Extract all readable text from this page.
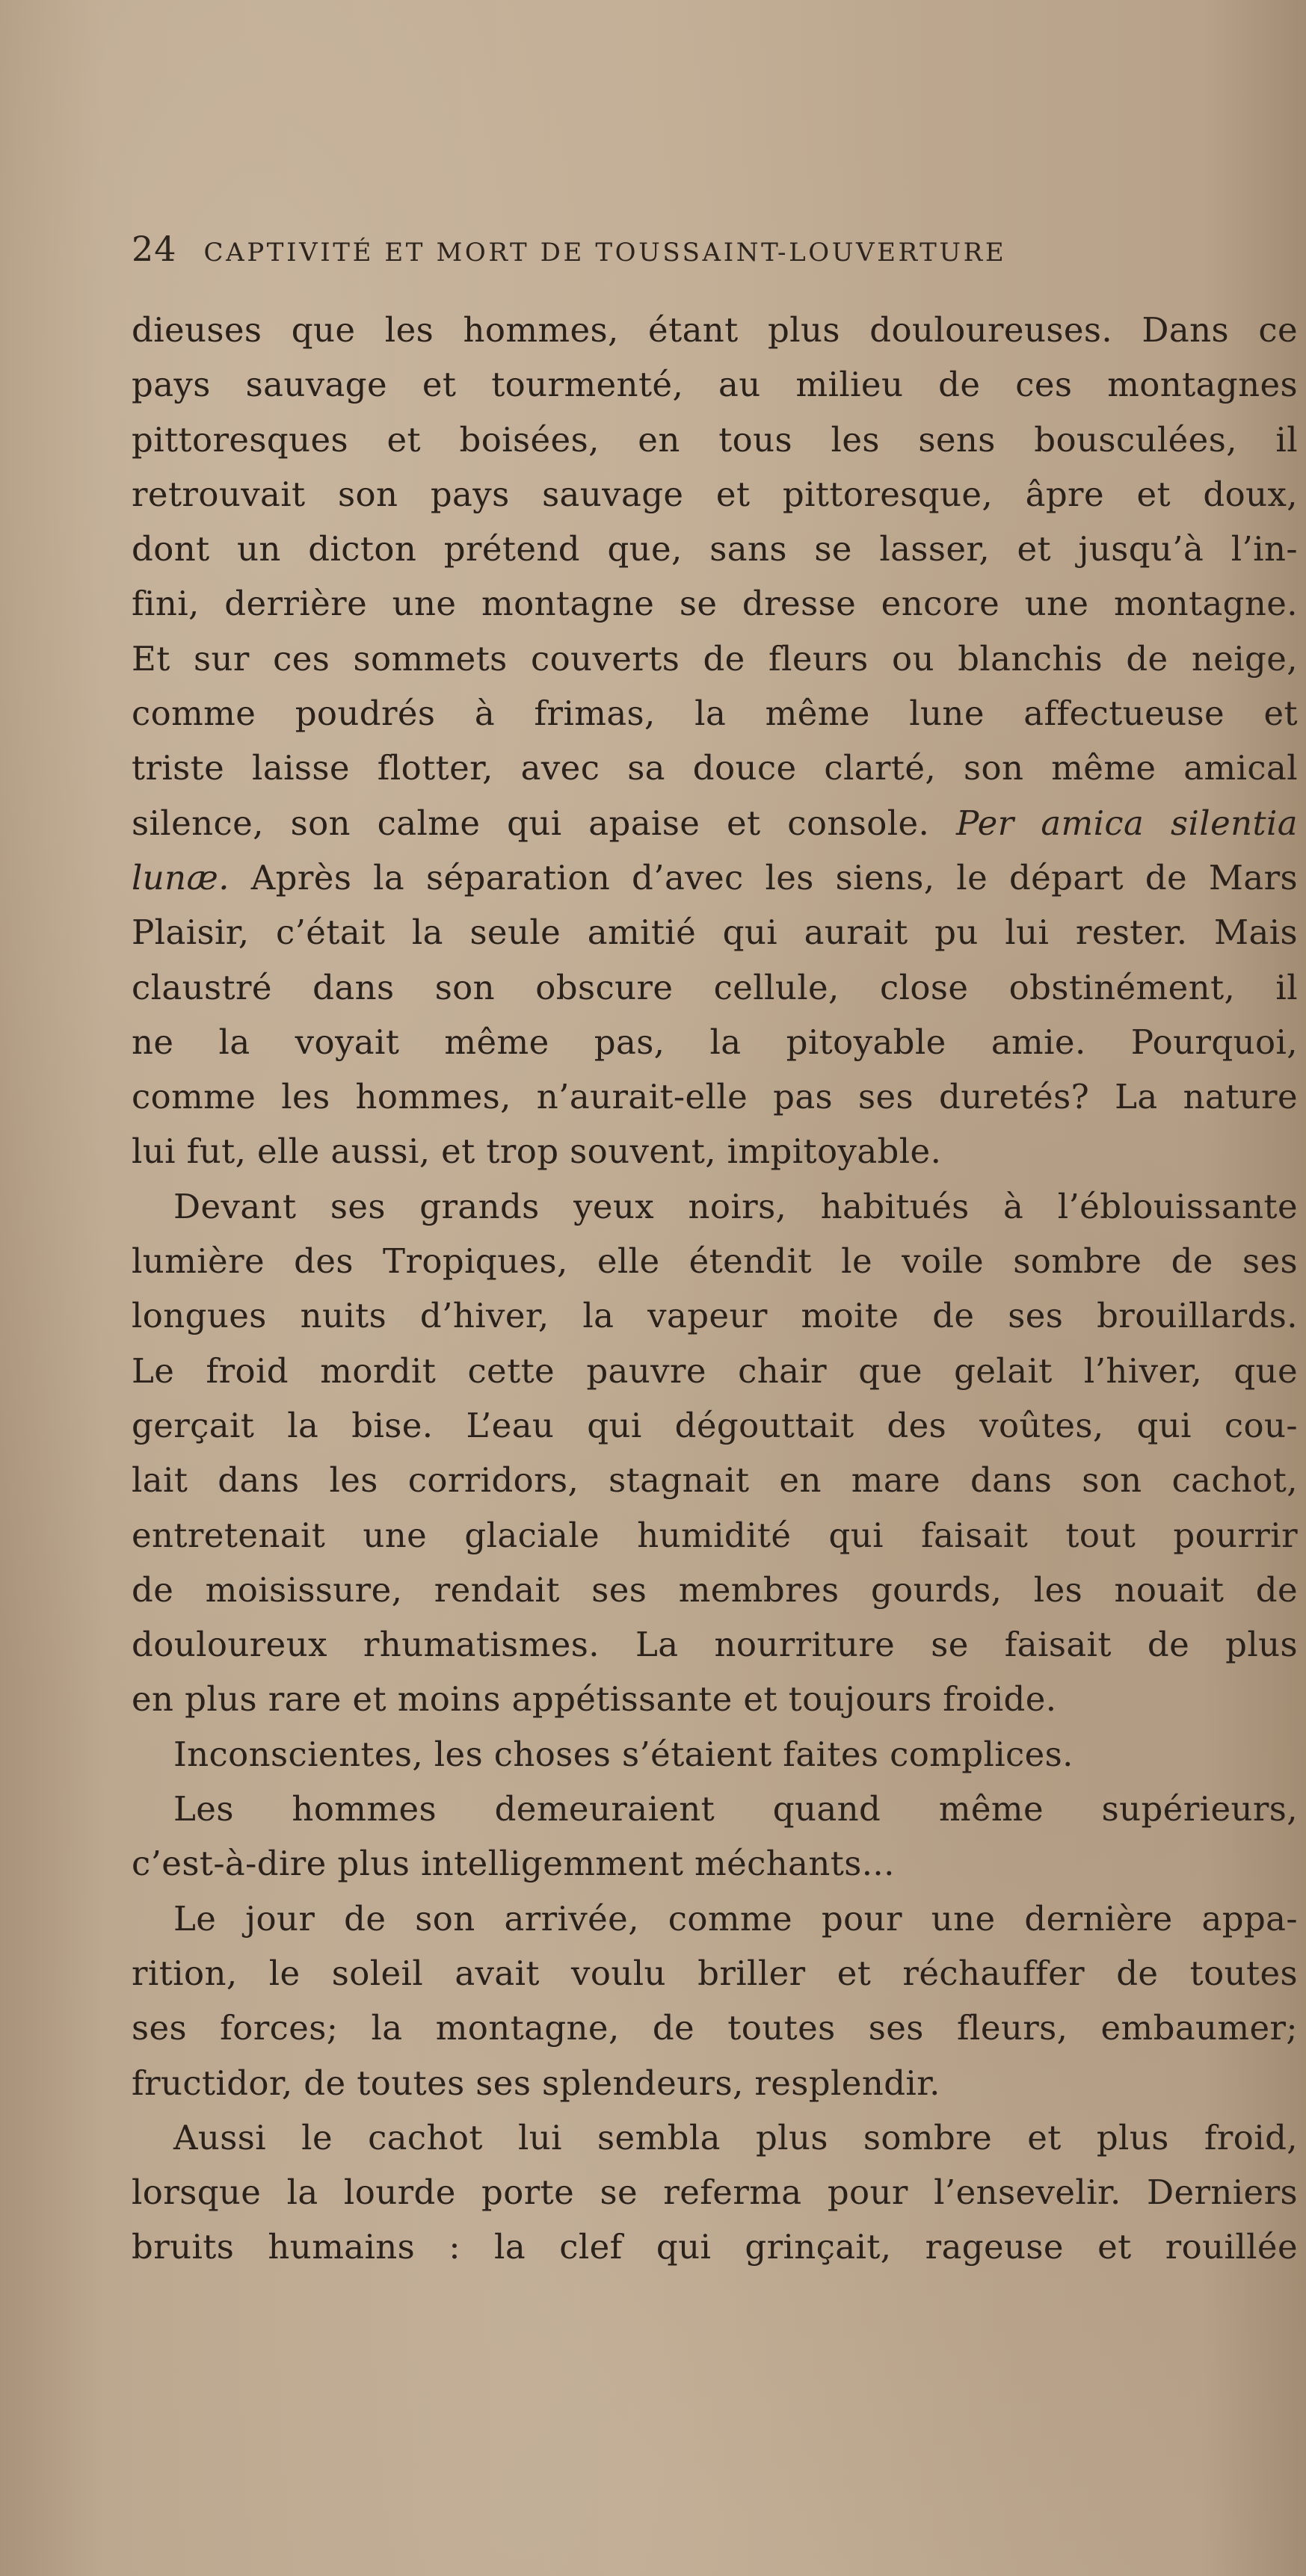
24 CAPTIVITÉ ET MORT DE TOUSSAINT-LOUVERTURE
dieuses que les hommes, étant plus douloureuses. Dans ce
pays sauvage et tourmenté, au milieu de ces montagnes
pittoresques et boisées, en tous les sens bousculées, il
retrouvait son pays sauvage et pittoresque, âpre et doux,
dont un dicton prétend que, sans se lasser, et jusqu’à l’in-
fini, derrière une montagne se dresse encore une montagne.
Et sur ces sommets couverts de fleurs ou blanchis de neige,
comme poudrés à frimas, la même lune affectueuse et
triste laisse flotter, avec sa douce clarté, son même amical
silence, son calme qui apaise et console. Per amica silentia
lunæ. Après la séparation d’avec les siens, le départ de Mars
Plaisir, c’était la seule amitié qui aurait pu lui rester. Mais
claustré dans son obscure cellule, close obstinément, il
ne la voyait même pas, la pitoyable amie. Pourquoi,
comme les hommes, n’aurait-elle pas ses duretés? La nature
lui fut, elle aussi, et trop souvent, impitoyable.
Devant ses grands yeux noirs, habitués à l’éblouissante
lumière des Tropiques, elle étendit le voile sombre de ses
longues nuits d’hiver, la vapeur moite de ses brouillards.
Le froid mordit cette pauvre chair que gelait l’hiver, que
gerçait la bise. L’eau qui dégouttait des voûtes, qui cou-
lait dans les corridors, stagnait en mare dans son cachot,
entretenait une glaciale humidité qui faisait tout pourrir
de moisissure, rendait ses membres gourds, les nouait de
douloureux rhumatismes. La nourriture se faisait de plus
en plus rare et moins appétissante et toujours froide.
Inconscientes, les choses s’étaient faites complices.
Les hommes demeuraient quand même supérieurs,
c’est-à-dire plus intelligemment méchants...
Le jour de son arrivée, comme pour une dernière appa-
rition, le soleil avait voulu briller et réchauffer de toutes
ses forces; la montagne, de toutes ses fleurs, embaumer;
fructidor, de toutes ses splendeurs, resplendir.
Aussi le cachot lui sembla plus sombre et plus froid,
lorsque la lourde porte se referma pour l’ensevelir. Derniers
bruits humains : la clef qui grinçait, rageuse et rouillée
